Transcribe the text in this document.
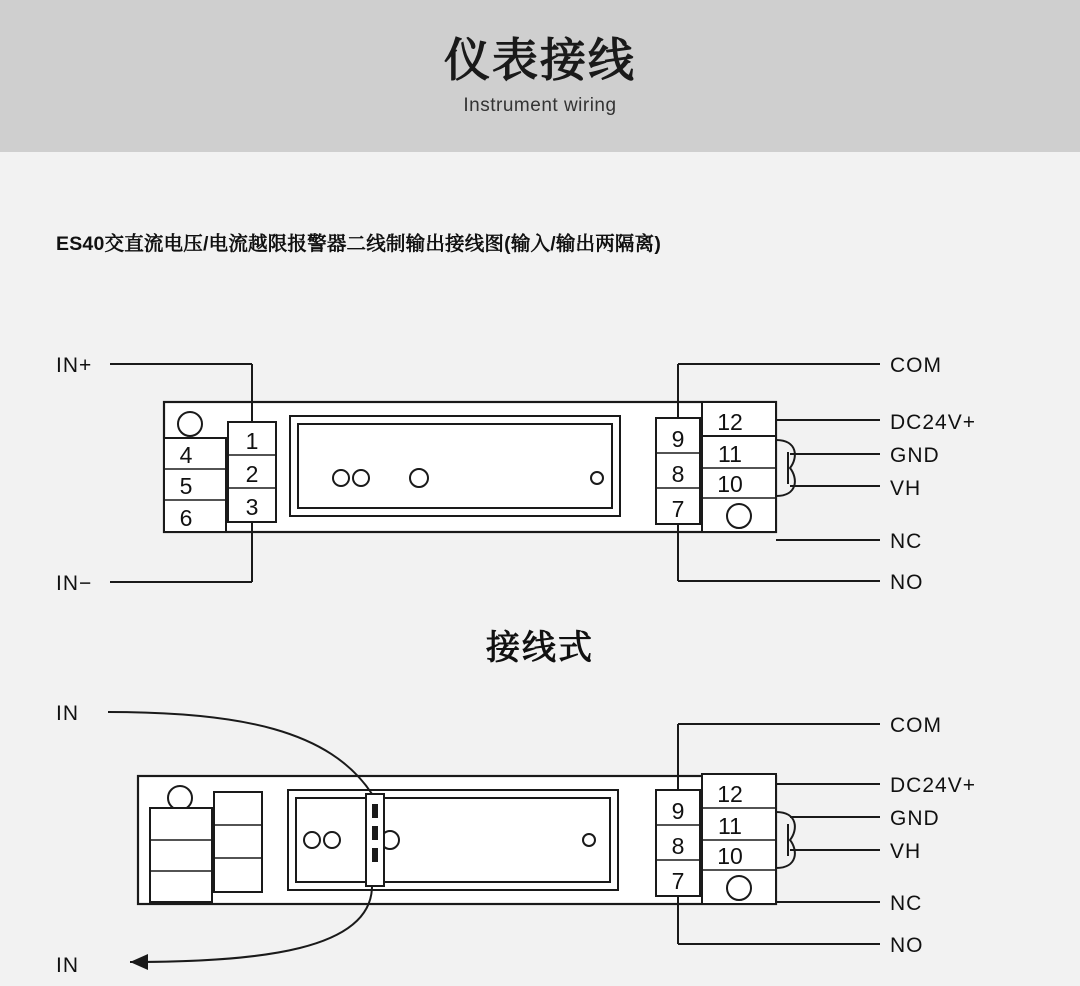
仪表接线
Instrument wiring
ES40交直流电压/电流越限报警器二线制输出接线图(输入/输出两隔离)
4
5
6
1
2
3
9
8
7
12
11
10
IN+
IN−
COM
DC24V+
GND
VH
NC
NO
接线式
9
8
7
12
11
10
IN
IN
COM
DC24V+
GND
VH
NC
NO
